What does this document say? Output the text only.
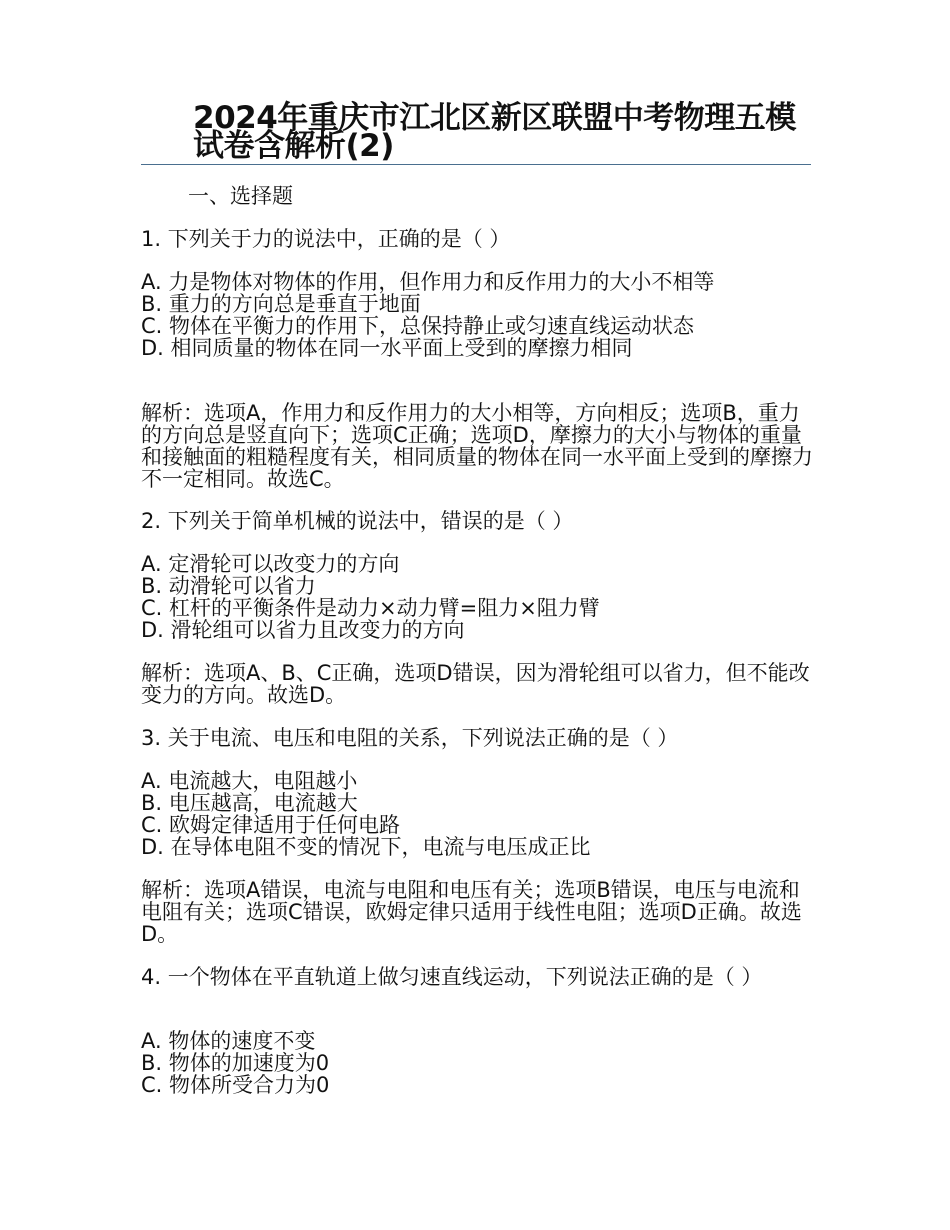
2024年重庆市江北区新区联盟中考物理五模试卷含解析(2)
一、选择题

1. 下列关于力的说法中，正确的是（ ）

A. 力是物体对物体的作用，但作用力和反作用力的大小不相等
B. 重力的方向总是垂直于地面
C. 物体在平衡力的作用下，总保持静止或匀速直线运动状态
D. 相同质量的物体在同一水平面上受到的摩擦力相同

解析：选项A，作用力和反作用力的大小相等，方向相反；选项B，重力的方向总是竖直向下；选项C正确；选项D，摩擦力的大小与物体的重量和接触面的粗糙程度有关，相同质量的物体在同一水平面上受到的摩擦力不一定相同。故选C。

2. 下列关于简单机械的说法中，错误的是（ ）

A. 定滑轮可以改变力的方向
B. 动滑轮可以省力
C. 杠杆的平衡条件是动力×动力臂=阻力×阻力臂
D. 滑轮组可以省力且改变力的方向

解析：选项A、B、C正确，选项D错误，因为滑轮组可以省力，但不能改变力的方向。故选D。

3. 关于电流、电压和电阻的关系，下列说法正确的是（ ）

A. 电流越大，电阻越小
B. 电压越高，电流越大
C. 欧姆定律适用于任何电路
D. 在导体电阻不变的情况下，电流与电压成正比

解析：选项A错误，电流与电阻和电压有关；选项B错误，电压与电流和电阻有关；选项C错误，欧姆定律只适用于线性电阻；选项D正确。故选D。

4. 一个物体在平直轨道上做匀速直线运动，下列说法正确的是（ ）

A. 物体的速度不变
B. 物体的加速度为0
C. 物体所受合力为0
